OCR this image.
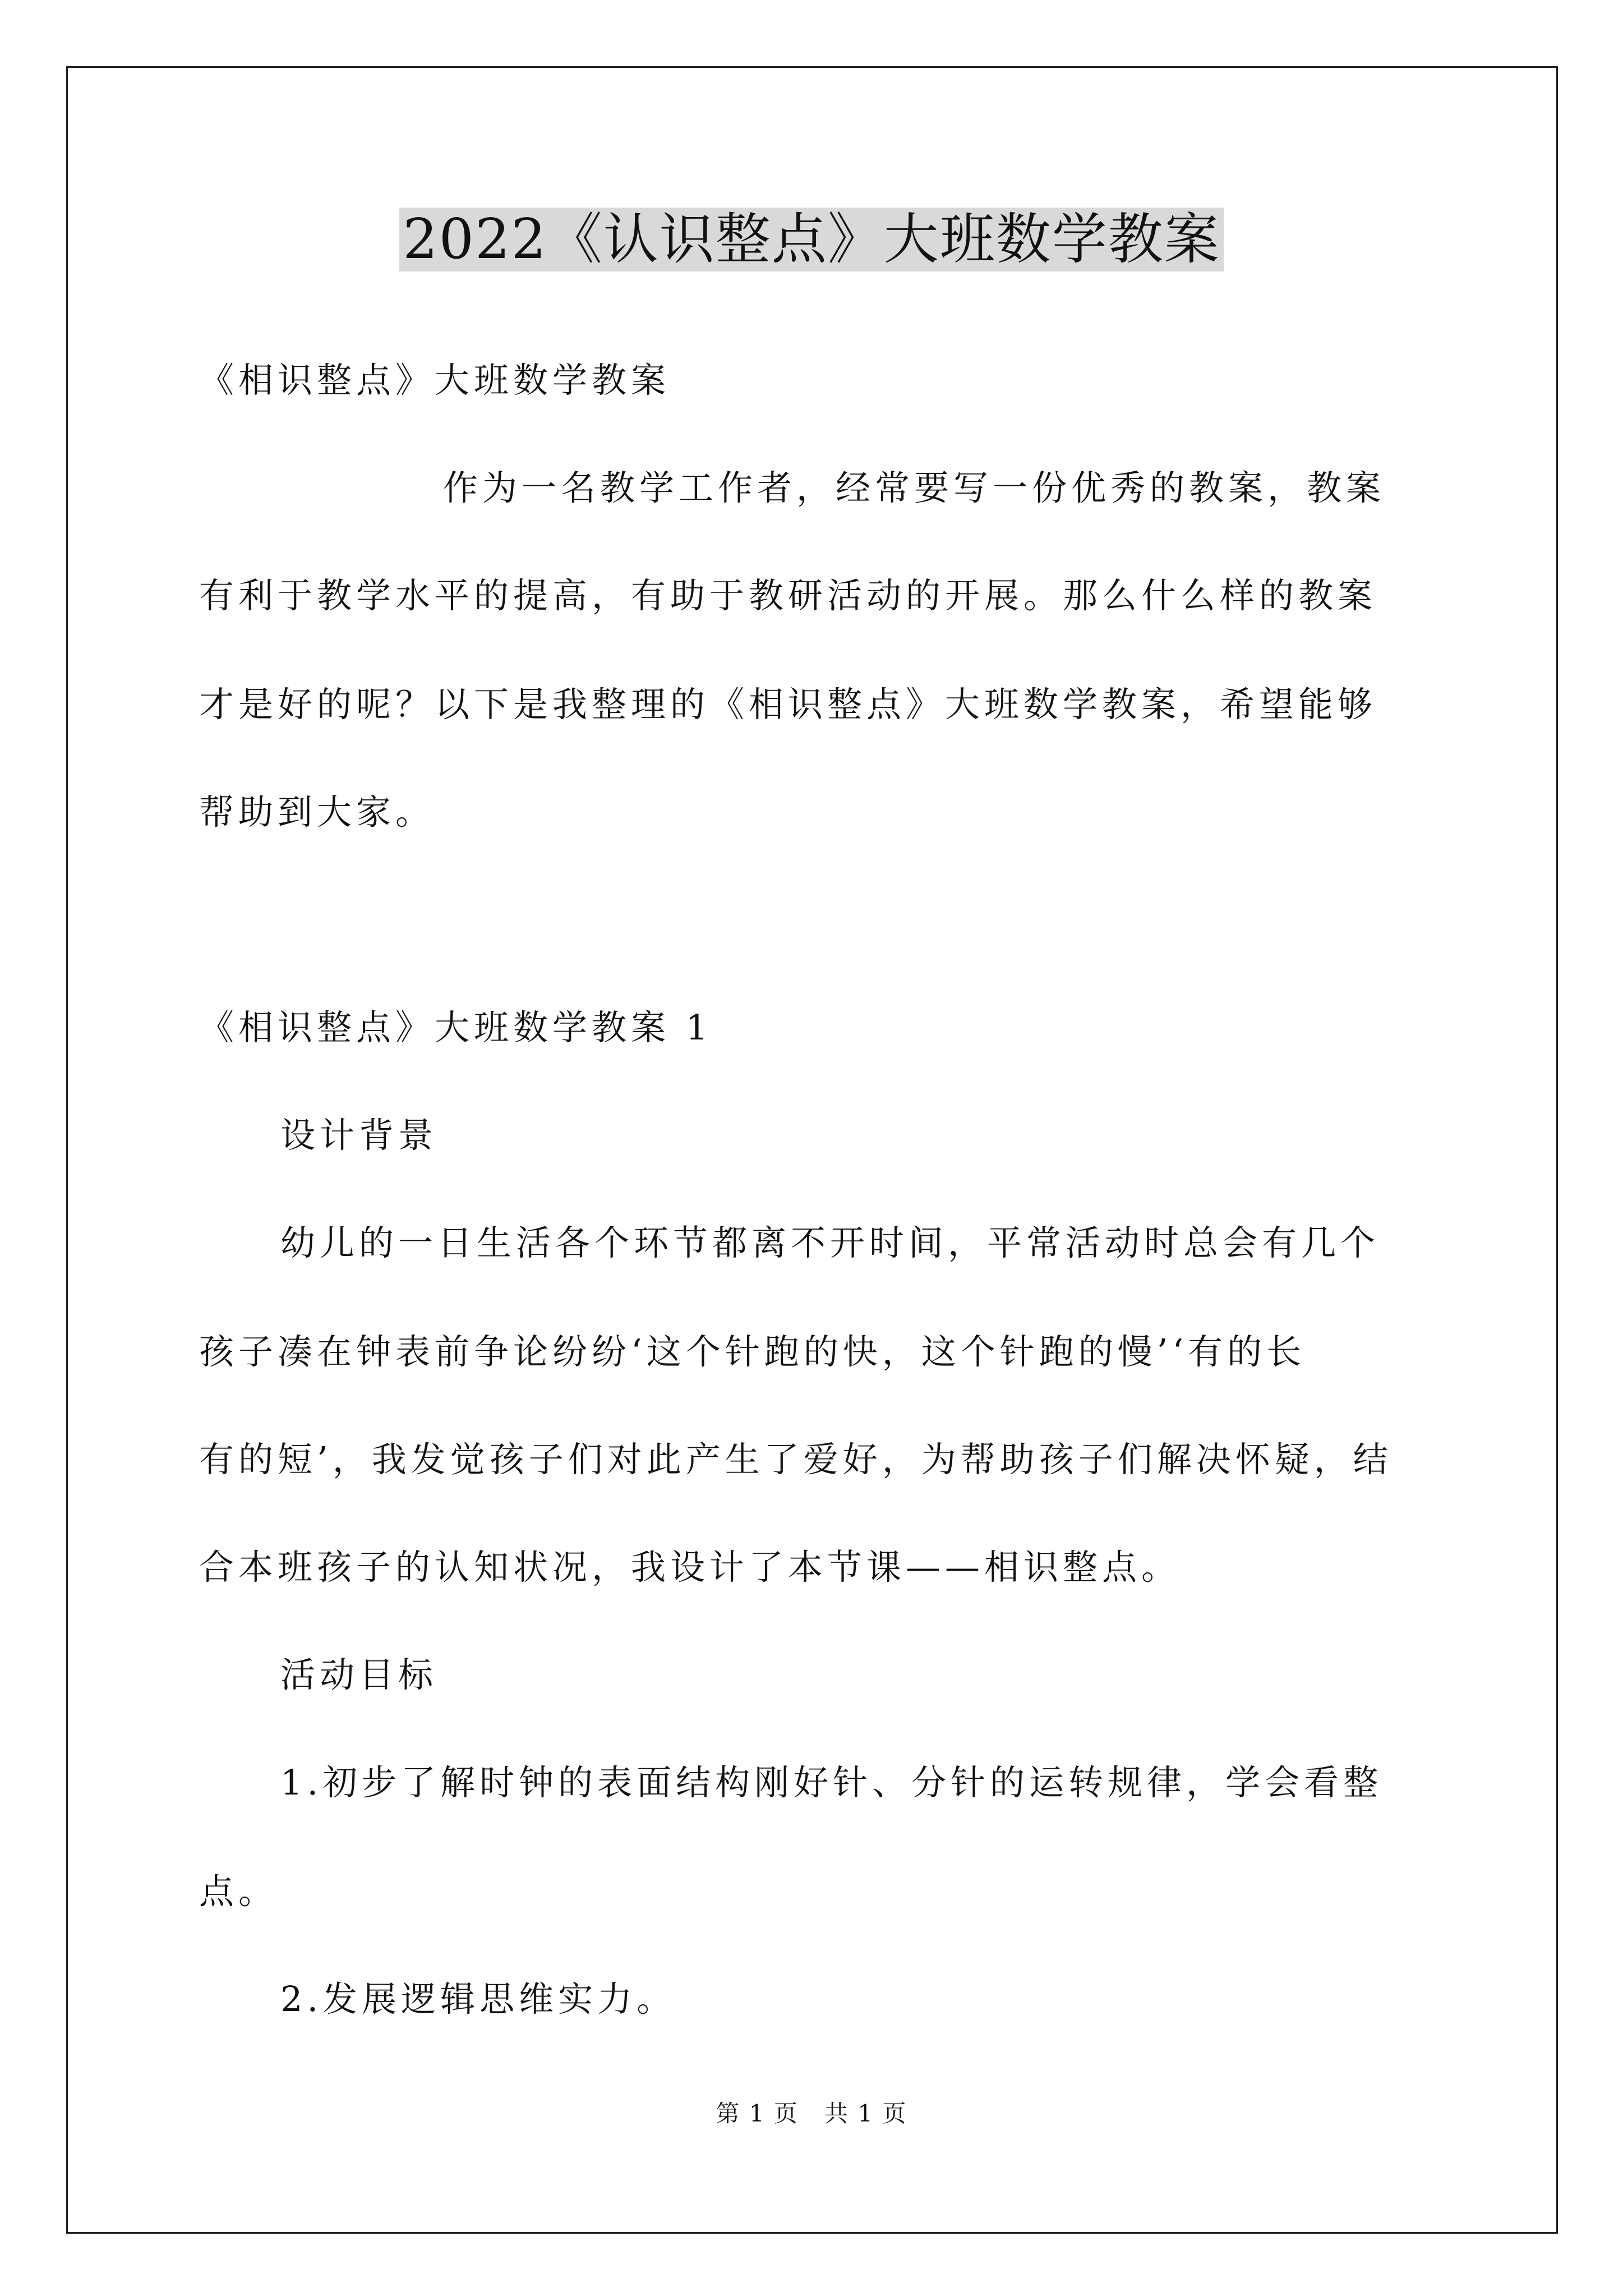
2022《认识整点》大班数学教案
《相识整点》大班数学教案
作为一名教学工作者，经常要写一份优秀的教案，教案
有利于教学水平的提高，有助于教研活动的开展。那么什么样的教案
才是好的呢？以下是我整理的《相识整点》大班数学教案，希望能够
帮助到大家。
《相识整点》大班数学教案 1
设计背景
幼儿的一日生活各个环节都离不开时间，平常活动时总会有几个
孩子凑在钟表前争论纷纷‘这个针跑的快，这个针跑的慢’‘有的长
有的短’，我发觉孩子们对此产生了爱好，为帮助孩子们解决怀疑，结
合本班孩子的认知状况，我设计了本节课——相识整点。
活动目标
1.初步了解时钟的表面结构刚好针、分针的运转规律，学会看整
点。
2.发展逻辑思维实力。
第 1 页   共 1 页
